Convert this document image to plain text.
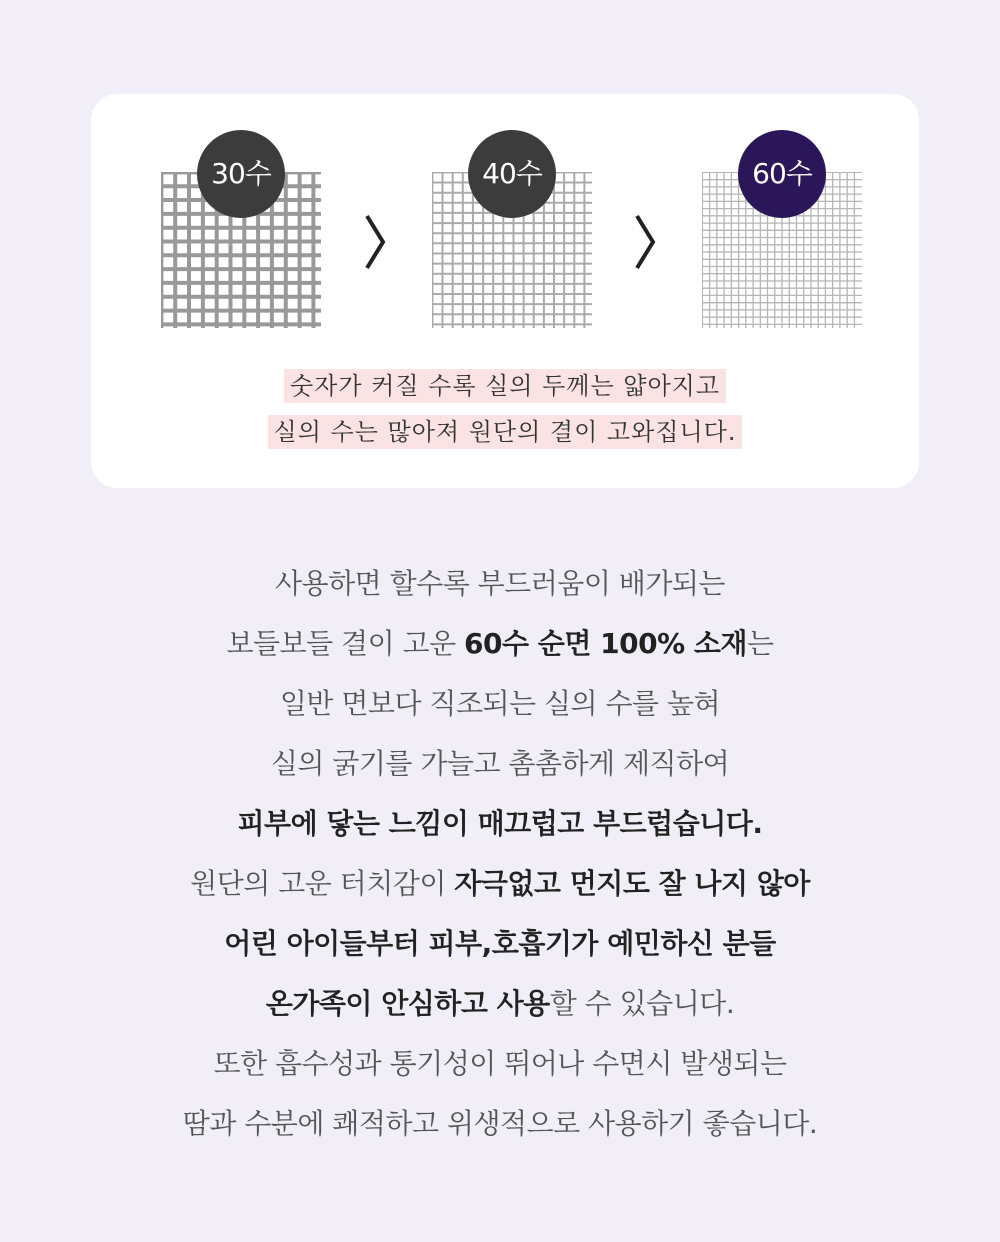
30수	40수	60수
숫자가 커질 수록 실의 두께는 얇아지고
실의 수는 많아져 원단의 결이 고와집니다.
사용하면 할수록 부드러움이 배가되는
보들보들 결이 고운 60수 순면 100% 소재는
일반 면보다 직조되는 실의 수를 높혀
실의 굵기를 가늘고 촘촘하게 제직하여
피부에 닿는 느낌이 매끄럽고 부드럽습니다.
원단의 고운 터치감이 자극없고 먼지도 잘 나지 않아
어린 아이들부터 피부,호흡기가 예민하신 분들
온가족이 안심하고 사용할 수 있습니다.
또한 흡수성과 통기성이 뛰어나 수면시 발생되는
땀과 수분에 쾌적하고 위생적으로 사용하기 좋습니다.
